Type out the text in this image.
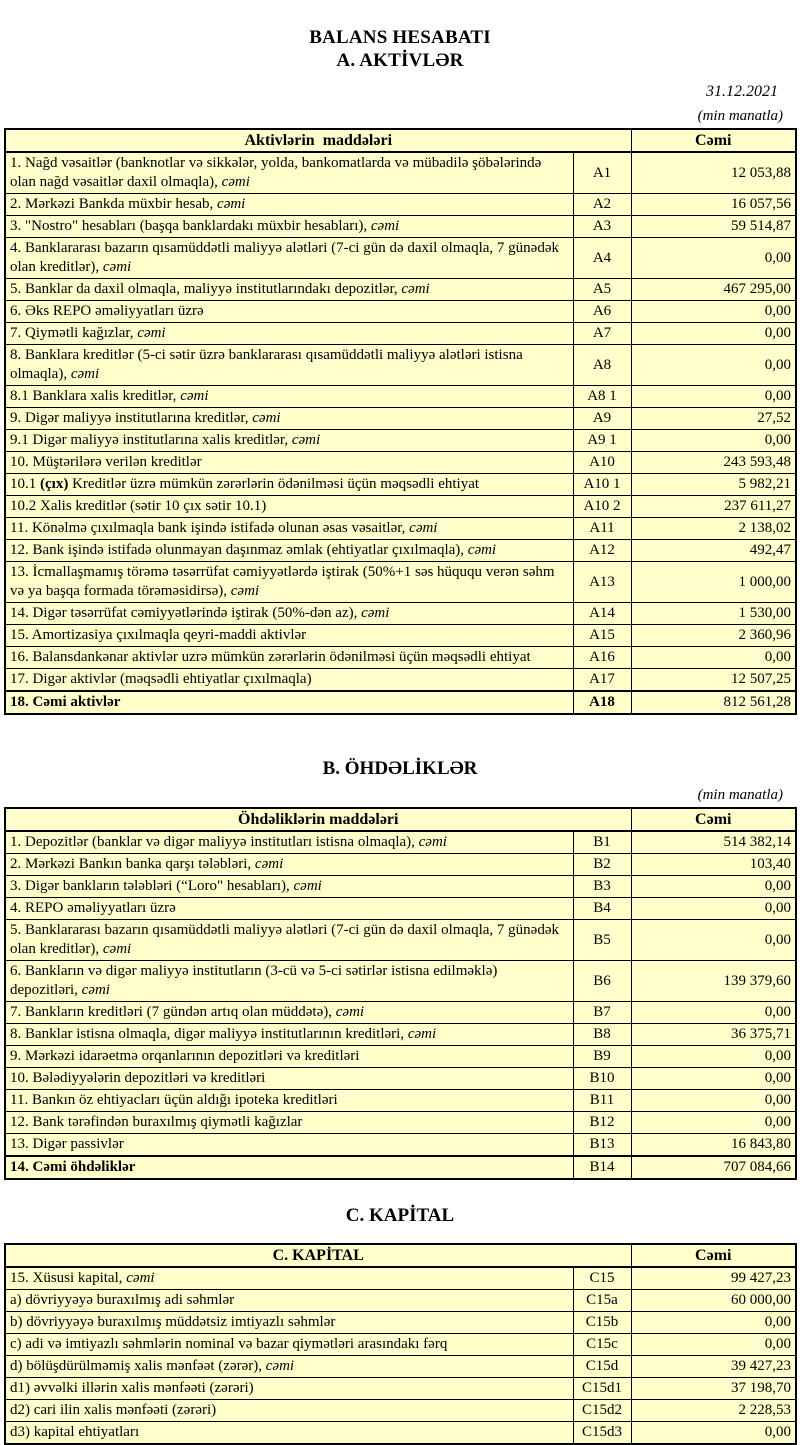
BALANS HESABATI
A. AKTİVLƏR
31.12.2021
(min manatla)
Aktivlərin  maddələri		Cəmi
1. Nağd vəsaitlər (banknotlar və sikkələr, yolda, bankomatlarda və mübadilə şöbələrində olan nağd vəsaitlər daxil olmaqla), cəmi	A1	12 053,88
2. Mərkəzi Bankda müxbir hesab, cəmi	A2	16 057,56
3. "Nostro" hesabları (başqa banklardakı müxbir hesabları), cəmi	A3	59 514,87
4. Banklararası bazarın qısamüddətli maliyyə alətləri (7-ci gün də daxil olmaqla, 7 günədək olan kreditlər), cəmi	A4	0,00
5. Banklar da daxil olmaqla, maliyyə institutlarındakı depozitlər, cəmi	A5	467 295,00
6. Əks REPO əməliyyatları üzrə	A6	0,00
7. Qiymətli kağızlar, cəmi	A7	0,00
8. Banklara kreditlər (5-ci sətir üzrə banklararası qısamüddətli maliyyə alətləri istisna olmaqla), cəmi	A8	0,00
8.1 Banklara xalis kreditlər, cəmi	A8 1	0,00
9. Digər maliyyə institutlarına kreditlər, cəmi	A9	27,52
9.1 Digər maliyyə institutlarına xalis kreditlər, cəmi	A9 1	0,00
10. Müştərilərə verilən kreditlər	A10	243 593,48
10.1 (çıx) Kreditlər üzrə mümkün zərərlərin ödənilməsi üçün məqsədli ehtiyat	A10 1	5 982,21
10.2 Xalis kreditlər (sətir 10 çıx sətir 10.1)	A10 2	237 611,27
11. Könəlmə çıxılmaqla bank işində istifadə olunan əsas vəsaitlər, cəmi	A11	2 138,02
12. Bank işində istifadə olunmayan daşınmaz əmlak (ehtiyatlar çıxılmaqla), cəmi	A12	492,47
13. İcmallaşmamış törəmə təsərrüfat cəmiyyətlərdə iştirak (50%+1 səs hüququ verən səhm və ya başqa formada törəməsidirsə), cəmi	A13	1 000,00
14. Digər təsərrüfat cəmiyyətlərində iştirak (50%-dən az), cəmi	A14	1 530,00
15. Amortizasiya çıxılmaqla qeyri-maddi aktivlər	A15	2 360,96
16. Balansdankənar aktivlər uzrə mümkün zərərlərin ödənilməsi üçün məqsədli ehtiyat	A16	0,00
17. Digər aktivlər (məqsədli ehtiyatlar çıxılmaqla)	A17	12 507,25
18. Cəmi aktivlər	A18	812 561,28
B. ÖHDƏLİKLƏR
(min manatla)
Öhdəliklərin maddələri		Cəmi
1. Depozitlər (banklar və digər maliyyə institutları istisna olmaqla), cəmi	B1	514 382,14
2. Mərkəzi Bankın banka qarşı tələbləri, cəmi	B2	103,40
3. Digər bankların tələbləri (“Loro" hesabları), cəmi	B3	0,00
4. REPO əməliyyatları üzrə	B4	0,00
5. Banklararası bazarın qısamüddətli maliyyə alətləri (7-ci gün də daxil olmaqla, 7 günədək olan kreditlər), cəmi	B5	0,00
6. Bankların və digər maliyyə institutların (3-cü və 5-ci sətirlər istisna edilməklə) depozitləri, cəmi	B6	139 379,60
7. Bankların kreditləri (7 gündən artıq olan müddətə), cəmi	B7	0,00
8. Banklar istisna olmaqla, digər maliyyə institutlarının kreditləri, cəmi	B8	36 375,71
9. Mərkəzi idarəetmə orqanlarının depozitləri və kreditləri	B9	0,00
10. Bələdiyyələrin depozitləri və kreditləri	B10	0,00
11. Bankın öz ehtiyacları üçün aldığı ipoteka kreditləri	B11	0,00
12. Bank tərəfindən buraxılmış qiymətli kağızlar	B12	0,00
13. Digər passivlər	B13	16 843,80
14. Cəmi öhdəliklər	B14	707 084,66
C. KAPİTAL
C. KAPİTAL		Cəmi
15. Xüsusi kapital, cəmi	C15	99 427,23
a) dövriyyəyə buraxılmış adi səhmlər	C15a	60 000,00
b) dövriyyəyə buraxılmış müddətsiz imtiyazlı səhmlər	C15b	0,00
c) adi və imtiyazlı səhmlərin nominal və bazar qiymətləri arasındakı fərq	C15c	0,00
d) bölüşdürülməmiş xalis mənfəət (zərər), cəmi	C15d	39 427,23
d1) əvvəlki illərin xalis mənfəəti (zərəri)	C15d1	37 198,70
d2) cari ilin xalis mənfəəti (zərəri)	C15d2	2 228,53
d3) kapital ehtiyatları	C15d3	0,00
